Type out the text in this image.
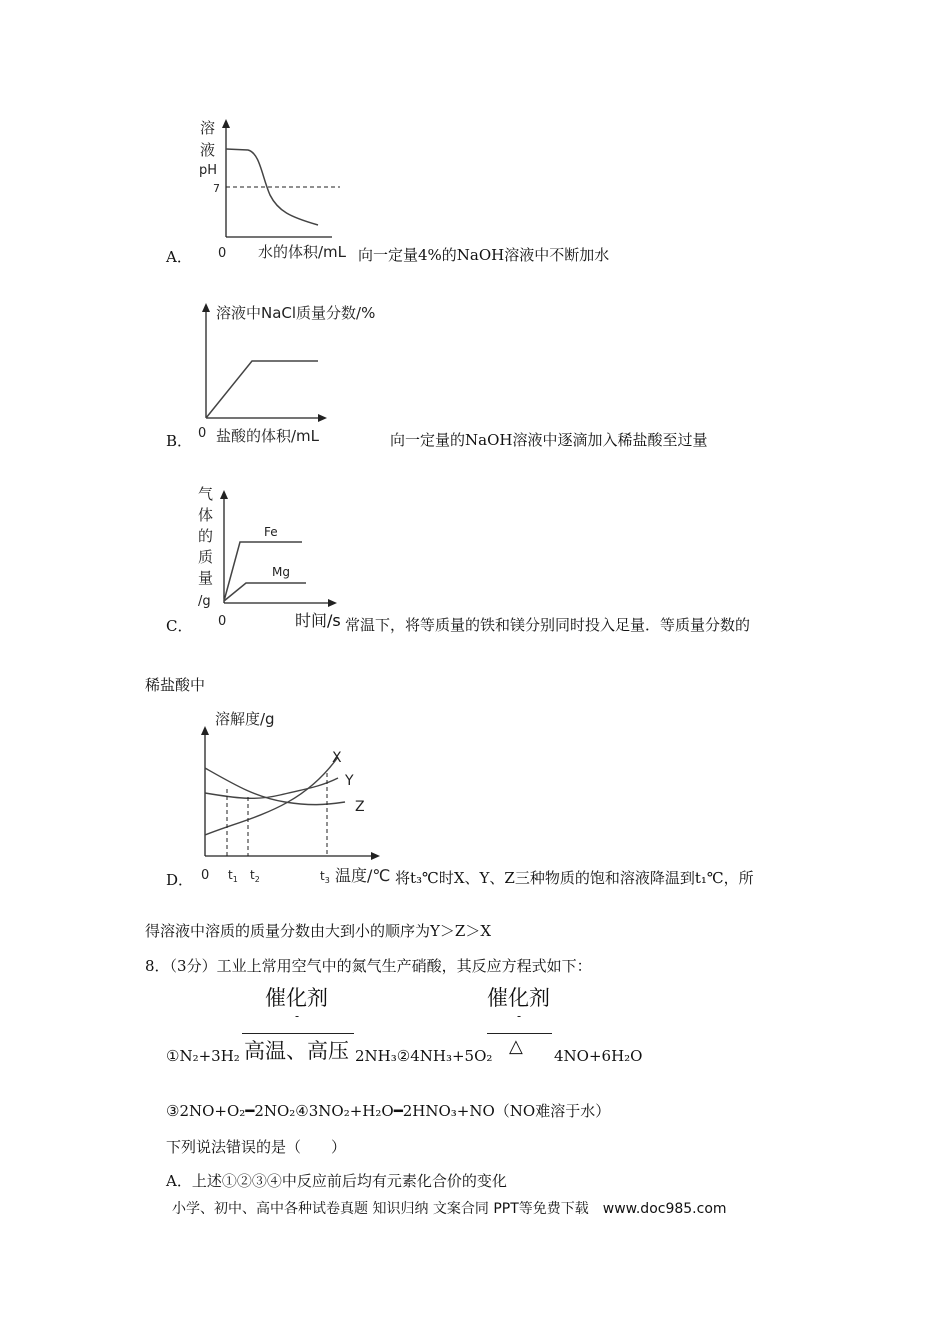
溶
液
pH
7
0 水的体积/mL
A．	向一定量4%的NaOH溶液中不断加水
溶液中NaCl质量分数/%
0 盐酸的体积/mL
B．	向一定量的NaOH溶液中逐滴加入稀盐酸至过量
气
体
的
质
量
/g
Fe
Mg
0	时间/s
C．	常温下，将等质量的铁和镁分别同时投入足量．等质量分数的
稀盐酸中
溶解度/g
X
Y
Z
0 $t_1$ $t_2$	$t_3$ 温度/℃
D．	将t₃℃时X、Y、Z三种物质的饱和溶液降温到t₁℃，所
得溶液中溶质的质量分数由大到小的顺序为Y＞Z＞X
8．（3分）工业上常用空气中的氮气生产硝酸，其反应方程式如下：
催化剂
-
高温、高压
催化剂
-
△
①N₂+3H₂	2NH₃②4NH₃+5O₂	4NO+6H₂O
③2NO+O₂━2NO₂④3NO₂+H₂O━2HNO₃+NO（NO难溶于水）
下列说法错误的是（　　）
A．上述①②③④中反应前后均有元素化合价的变化
小学、初中、高中各种试卷真题 知识归纳 文案合同 PPT等免费下载　www.doc985.com
